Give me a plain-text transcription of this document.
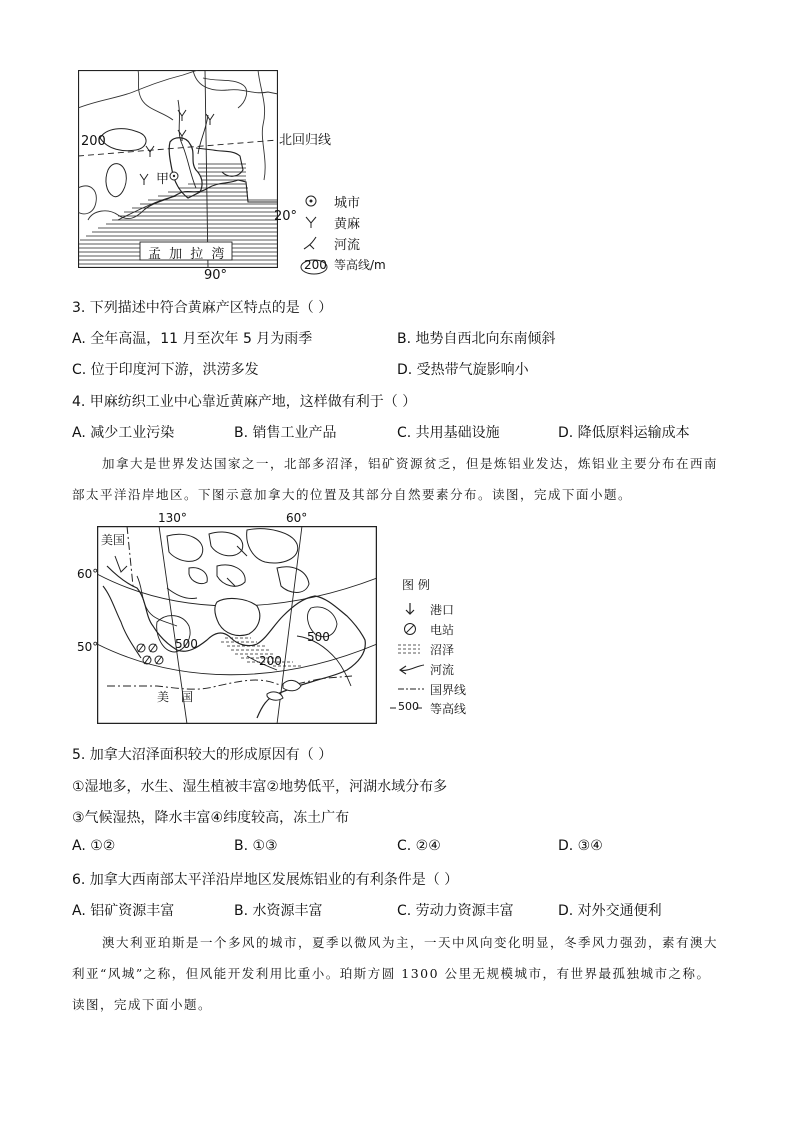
200
甲
孟 加 拉 湾
北回归线
20°
90°
城市
黄麻
河流
200 等高线/m
3. 下列描述中符合黄麻产区特点的是（ ）
A. 全年高温，11 月至次年 5 月为雨季	B. 地势自西北向东南倾斜
C. 位于印度河下游，洪涝多发	D. 受热带气旋影响小
4. 甲麻纺织工业中心靠近黄麻产地，这样做有利于（ ）
A. 减少工业污染	B. 销售工业产品	C. 共用基础设施	D. 降低原料运输成本
加拿大是世界发达国家之一，北部多沼泽，铝矿资源贫乏，但是炼铝业发达，炼铝业主要分布在西南
部太平洋沿岸地区。下图示意加拿大的位置及其部分自然要素分布。读图，完成下面小题。
美国
500	500
200
美　国
130°	60°
60°
50°
图 例
港口
电站
沼泽
河流
国界线
500 等高线
5. 加拿大沼泽面积较大的形成原因有（ ）
①湿地多，水生、湿生植被丰富②地势低平，河湖水域分布多
③气候湿热，降水丰富④纬度较高，冻土广布
A. ①②	B. ①③	C. ②④	D. ③④
6. 加拿大西南部太平洋沿岸地区发展炼铝业的有利条件是（ ）
A. 铝矿资源丰富	B. 水资源丰富	C. 劳动力资源丰富	D. 对外交通便利
澳大利亚珀斯是一个多风的城市，夏季以微风为主，一天中风向变化明显，冬季风力强劲，素有澳大
利亚“风城”之称，但风能开发利用比重小。珀斯方圆 1300 公里无规模城市，有世界最孤独城市之称。
读图，完成下面小题。
